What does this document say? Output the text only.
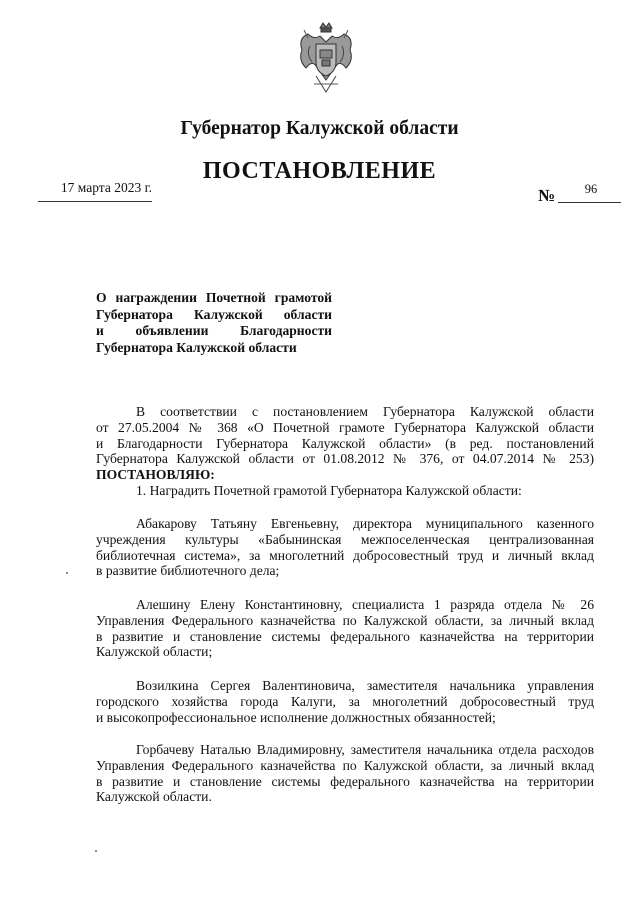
Губернатор Калужской области
ПОСТАНОВЛЕНИЕ
17 марта 2023 г.	№	96
О награждении Почетной грамотой
Губернатора Калужской области
и объявлении Благодарности
Губернатора Калужской области
В соответствии с постановлением Губернатора Калужской области
от 27.05.2004 № 368 «О Почетной грамоте Губернатора Калужской области
и Благодарности Губернатора Калужской области» (в ред. постановлений
Губернатора Калужской области от 01.08.2012 № 376, от 04.07.2014 № 253)
ПОСТАНОВЛЯЮ:
1. Наградить Почетной грамотой Губернатора Калужской области:
Абакарову Татьяну Евгеньевну, директора муниципального казенного
учреждения культуры «Бабынинская межпоселенческая централизованная
библиотечная система», за многолетний добросовестный труд и личный вклад
в развитие библиотечного дела;
Алешину Елену Константиновну, специалиста 1 разряда отдела № 26
Управления Федерального казначейства по Калужской области, за личный вклад
в развитие и становление системы федерального казначейства на территории
Калужской области;
Возилкина Сергея Валентиновича, заместителя начальника управления
городского хозяйства города Калуги, за многолетний добросовестный труд
и высокопрофессиональное исполнение должностных обязанностей;
Горбачеву Наталью Владимировну, заместителя начальника отдела расходов
Управления Федерального казначейства по Калужской области, за личный вклад
в развитие и становление системы федерального казначейства на территории
Калужской области.
